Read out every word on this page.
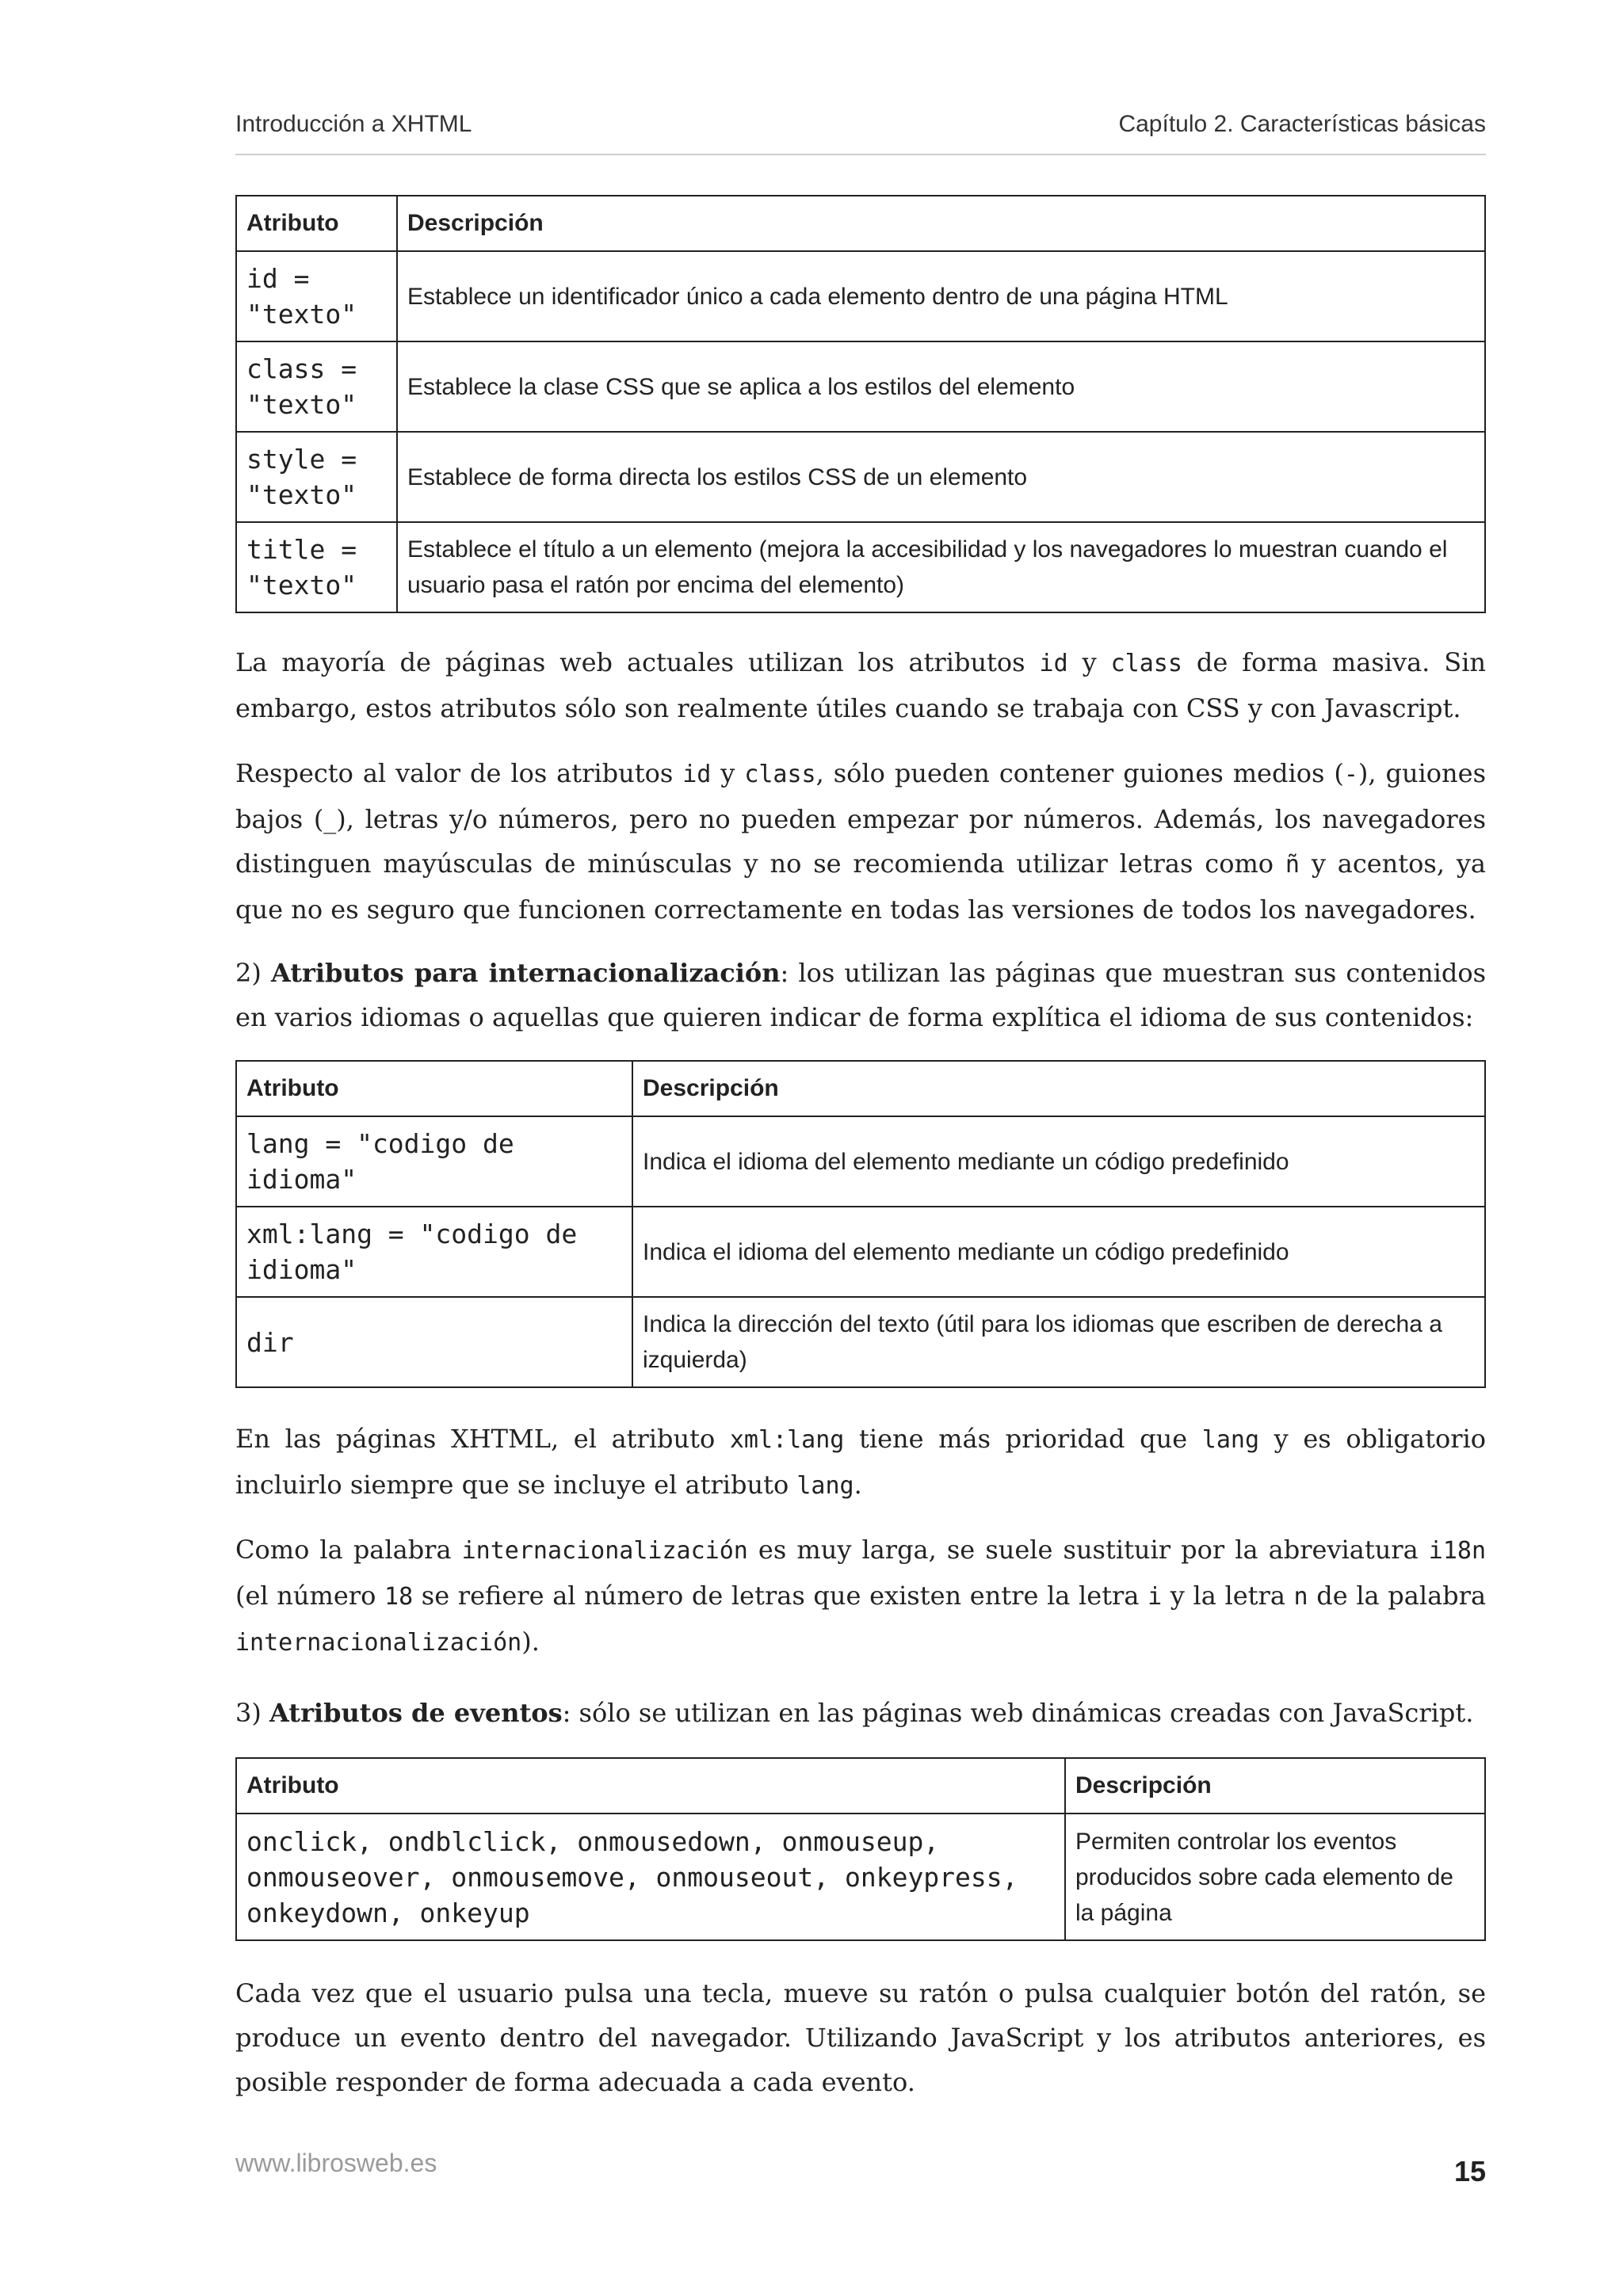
Introducción a XHTML	Capítulo 2. Características básicas
Atributo	Descripción
id =
"texto"	Establece un identificador único a cada elemento dentro de una página HTML
class =
"texto"	Establece la clase CSS que se aplica a los estilos del elemento
style =
"texto"	Establece de forma directa los estilos CSS de un elemento
title =
"texto"	Establece el título a un elemento (mejora la accesibilidad y los navegadores lo muestran cuando el usuario pasa el ratón por encima del elemento)

La mayoría de páginas web actuales utilizan los atributos id y class de forma masiva. Sin embargo, estos atributos sólo son realmente útiles cuando se trabaja con CSS y con Javascript.

Respecto al valor de los atributos id y class, sólo pueden contener guiones medios (-), guiones bajos (_), letras y/o números, pero no pueden empezar por números. Además, los navegadores distinguen mayúsculas de minúsculas y no se recomienda utilizar letras como ñ y acentos, ya que no es seguro que funcionen correctamente en todas las versiones de todos los navegadores.

2) Atributos para internacionalización: los utilizan las páginas que muestran sus contenidos en varios idiomas o aquellas que quieren indicar de forma explítica el idioma de sus contenidos:

Atributo	Descripción
lang = "codigo de
idioma"	Indica el idioma del elemento mediante un código predefinido
xml:lang = "codigo de
idioma"	Indica el idioma del elemento mediante un código predefinido
dir	Indica la dirección del texto (útil para los idiomas que escriben de derecha a izquierda)

En las páginas XHTML, el atributo xml:lang tiene más prioridad que lang y es obligatorio incluirlo siempre que se incluye el atributo lang.

Como la palabra internacionalización es muy larga, se suele sustituir por la abreviatura i18n (el número 18 se refiere al número de letras que existen entre la letra i y la letra n de la palabra internacionalización).

3) Atributos de eventos: sólo se utilizan en las páginas web dinámicas creadas con JavaScript.

Atributo	Descripción
onclick, ondblclick, onmousedown, onmouseup,
onmouseover, onmousemove, onmouseout, onkeypress,
onkeydown, onkeyup	Permiten controlar los eventos producidos sobre cada elemento de la página

Cada vez que el usuario pulsa una tecla, mueve su ratón o pulsa cualquier botón del ratón, se produce un evento dentro del navegador. Utilizando JavaScript y los atributos anteriores, es posible responder de forma adecuada a cada evento.

www.librosweb.es	15
